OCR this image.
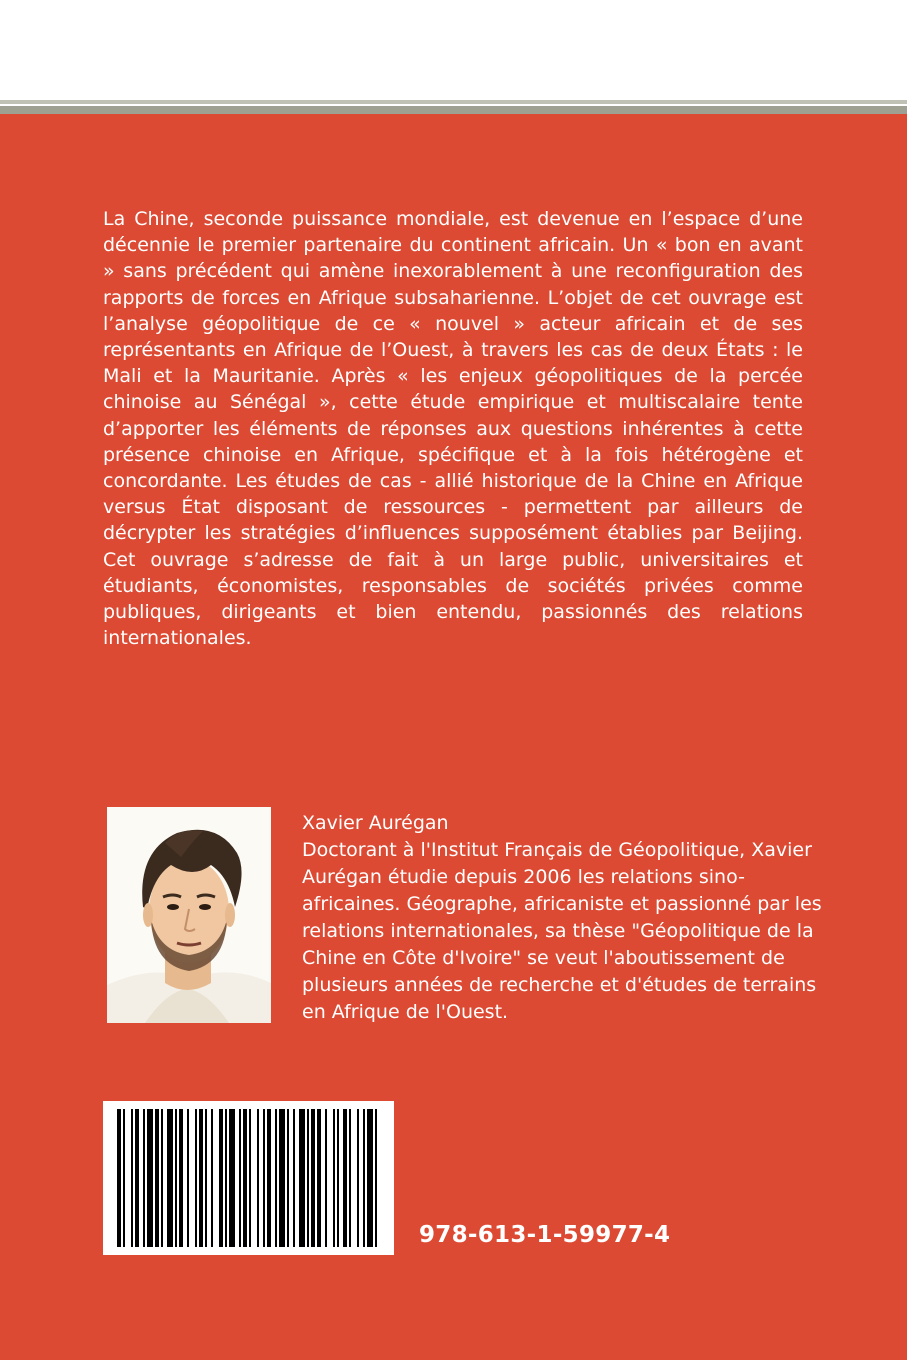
La Chine, seconde puissance mondiale, est devenue en l’espace d’une décennie le premier partenaire du continent africain. Un « bon en avant » sans précédent qui amène inexorablement à une reconfiguration des rapports de forces en Afrique subsaharienne. L’objet de cet ouvrage est l’analyse géopolitique de ce « nouvel » acteur africain et de ses représentants en Afrique de l’Ouest, à travers les cas de deux États : le Mali et la Mauritanie. Après « les enjeux géopolitiques de la percée chinoise au Sénégal », cette étude empirique et multiscalaire tente d’apporter les éléments de réponses aux questions inhérentes à cette présence chinoise en Afrique, spécifique et à la fois hétérogène et concordante. Les études de cas - allié historique de la Chine en Afrique versus État disposant de ressources - permettent par ailleurs de décrypter les stratégies d’influences supposément établies par Beijing. Cet ouvrage s’adresse de fait à un large public, universitaires et étudiants, économistes, responsables de sociétés privées comme publiques, dirigeants et bien entendu, passionnés des relations internationales.

Xavier Aurégan

Doctorant à l'Institut Français de Géopolitique, Xavier Aurégan étudie depuis 2006 les relations sino-africaines. Géographe, africaniste et passionné par les relations internationales, sa thèse "Géopolitique de la Chine en Côte d'Ivoire" se veut l'aboutissement de plusieurs années de recherche et d'études de terrains en Afrique de l'Ouest.

978-613-1-59977-4
